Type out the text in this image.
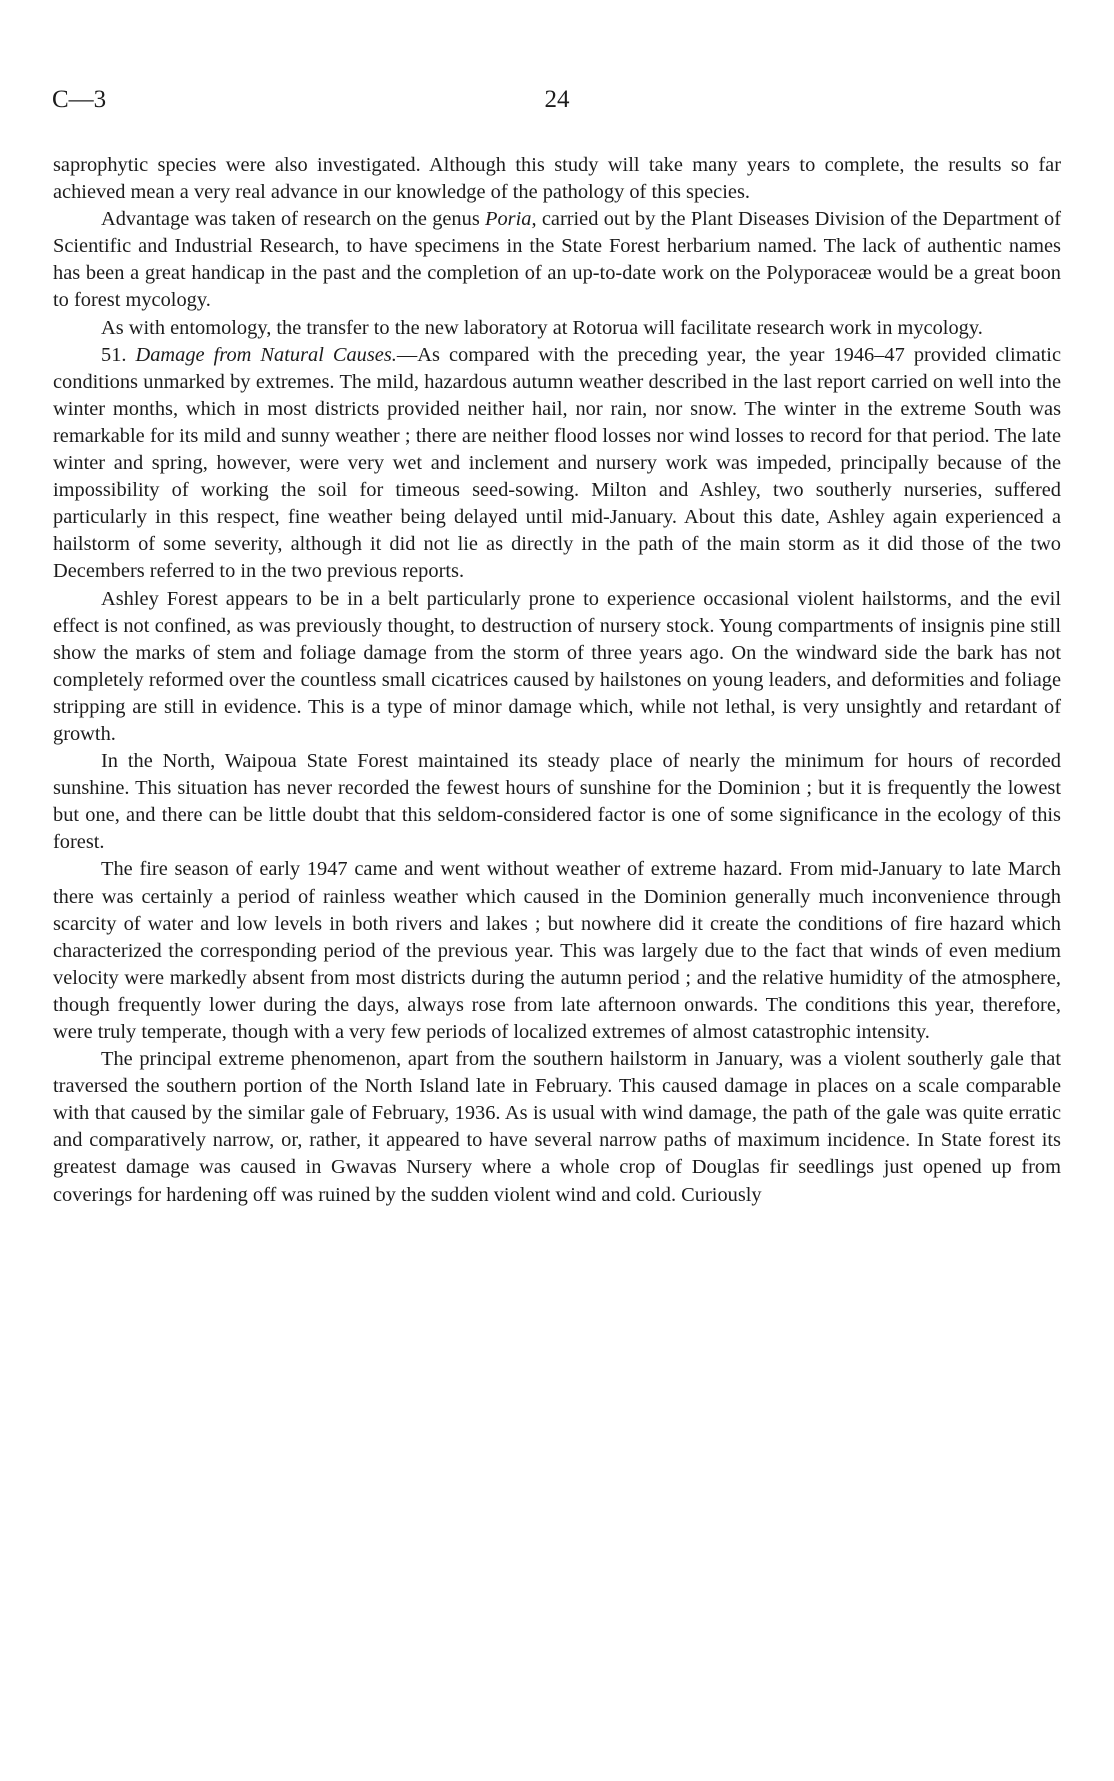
C—3	24

saprophytic species were also investigated. Although this study will take many years to complete, the results so far achieved mean a very real advance in our knowledge of the pathology of this species.

Advantage was taken of research on the genus Poria, carried out by the Plant Diseases Division of the Department of Scientific and Industrial Research, to have specimens in the State Forest herbarium named. The lack of authentic names has been a great handicap in the past and the completion of an up-to-date work on the Polyporaceæ would be a great boon to forest mycology.

As with entomology, the transfer to the new laboratory at Rotorua will facilitate research work in mycology.

51. Damage from Natural Causes.—As compared with the preceding year, the year 1946–47 provided climatic conditions unmarked by extremes. The mild, hazardous autumn weather described in the last report carried on well into the winter months, which in most districts provided neither hail, nor rain, nor snow. The winter in the extreme South was remarkable for its mild and sunny weather ; there are neither flood losses nor wind losses to record for that period. The late winter and spring, however, were very wet and inclement and nursery work was impeded, principally because of the impossibility of working the soil for timeous seed-sowing. Milton and Ashley, two southerly nurseries, suffered particularly in this respect, fine weather being delayed until mid-January. About this date, Ashley again experienced a hailstorm of some severity, although it did not lie as directly in the path of the main storm as it did those of the two Decembers referred to in the two previous reports.

Ashley Forest appears to be in a belt particularly prone to experience occasional violent hailstorms, and the evil effect is not confined, as was previously thought, to destruction of nursery stock. Young compartments of insignis pine still show the marks of stem and foliage damage from the storm of three years ago. On the windward side the bark has not completely reformed over the countless small cicatrices caused by hailstones on young leaders, and deformities and foliage stripping are still in evidence. This is a type of minor damage which, while not lethal, is very unsightly and retardant of growth.

In the North, Waipoua State Forest maintained its steady place of nearly the minimum for hours of recorded sunshine. This situation has never recorded the fewest hours of sunshine for the Dominion ; but it is frequently the lowest but one, and there can be little doubt that this seldom-considered factor is one of some significance in the ecology of this forest.

The fire season of early 1947 came and went without weather of extreme hazard. From mid-January to late March there was certainly a period of rainless weather which caused in the Dominion generally much inconvenience through scarcity of water and low levels in both rivers and lakes ; but nowhere did it create the conditions of fire hazard which characterized the corresponding period of the previous year. This was largely due to the fact that winds of even medium velocity were markedly absent from most districts during the autumn period ; and the relative humidity of the atmosphere, though frequently lower during the days, always rose from late afternoon onwards. The conditions this year, therefore, were truly temperate, though with a very few periods of localized extremes of almost catastrophic intensity.

The principal extreme phenomenon, apart from the southern hailstorm in January, was a violent southerly gale that traversed the southern portion of the North Island late in February. This caused damage in places on a scale comparable with that caused by the similar gale of February, 1936. As is usual with wind damage, the path of the gale was quite erratic and comparatively narrow, or, rather, it appeared to have several narrow paths of maximum incidence. In State forest its greatest damage was caused in Gwavas Nursery where a whole crop of Douglas fir seedlings just opened up from coverings for hardening off was ruined by the sudden violent wind and cold. Curiously
